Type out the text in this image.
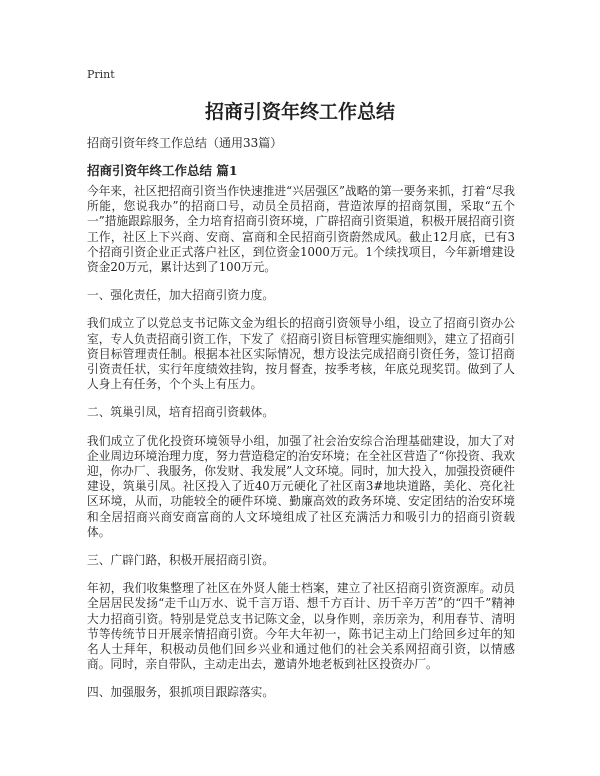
Print
招商引资年终工作总结

招商引资年终工作总结（通用33篇）

招商引资年终工作总结 篇1

今年来，社区把招商引资当作快速推进“兴居强区”战略的第一要务来抓，打着“尽我所能，您说我办”的招商口号，动员全员招商，营造浓厚的招商氛围，采取“五个一”措施跟踪服务，全力培育招商引资环境，广辟招商引资渠道，积极开展招商引资工作，社区上下兴商、安商、富商和全民招商引资蔚然成风。截止12月底，已有3个招商引资企业正式落户社区，到位资金1000万元。1个续找项目，今年新增建设资金20万元，累计达到了100万元。

一、强化责任，加大招商引资力度。

我们成立了以党总支书记陈文金为组长的招商引资领导小组，设立了招商引资办公室，专人负责招商引资工作，下发了《招商引资目标管理实施细则》，建立了招商引资目标管理责任制。根据本社区实际情况，想方设法完成招商引资任务，签订招商引资责任状，实行年度绩效挂钩，按月督查，按季考核，年底兑现奖罚。做到了人人身上有任务，个个头上有压力。

二、筑巢引凤，培育招商引资载体。

我们成立了优化投资环境领导小组，加强了社会治安综合治理基础建设，加大了对企业周边环境治理力度，努力营造稳定的治安环境；在全社区营造了“你投资、我欢迎，你办厂、我服务，你发财、我发展”人文环境。同时，加大投入，加强投资硬件建设，筑巢引凤。社区投入了近40万元硬化了社区南3#地块道路，美化、亮化社区环境，从而，功能较全的硬件环境、勤廉高效的政务环境、安定团结的治安环境和全居招商兴商安商富商的人文环境组成了社区充满活力和吸引力的招商引资载体。

三、广辟门路，积极开展招商引资。

年初，我们收集整理了社区在外贤人能士档案，建立了社区招商引资资源库。动员全居居民发扬“走千山万水、说千言万语、想千方百计、历千辛万苦”的“四千”精神大力招商引资。特别是党总支书记陈文金，以身作则，亲历亲为，利用春节、清明节等传统节日开展亲情招商引资。今年大年初一，陈书记主动上门给回乡过年的知名人士拜年，积极动员他们回乡兴业和通过他们的社会关系网招商引资，以情感商。同时，亲自带队，主动走出去，邀请外地老板到社区投资办厂。

四、加强服务，狠抓项目跟踪落实。
